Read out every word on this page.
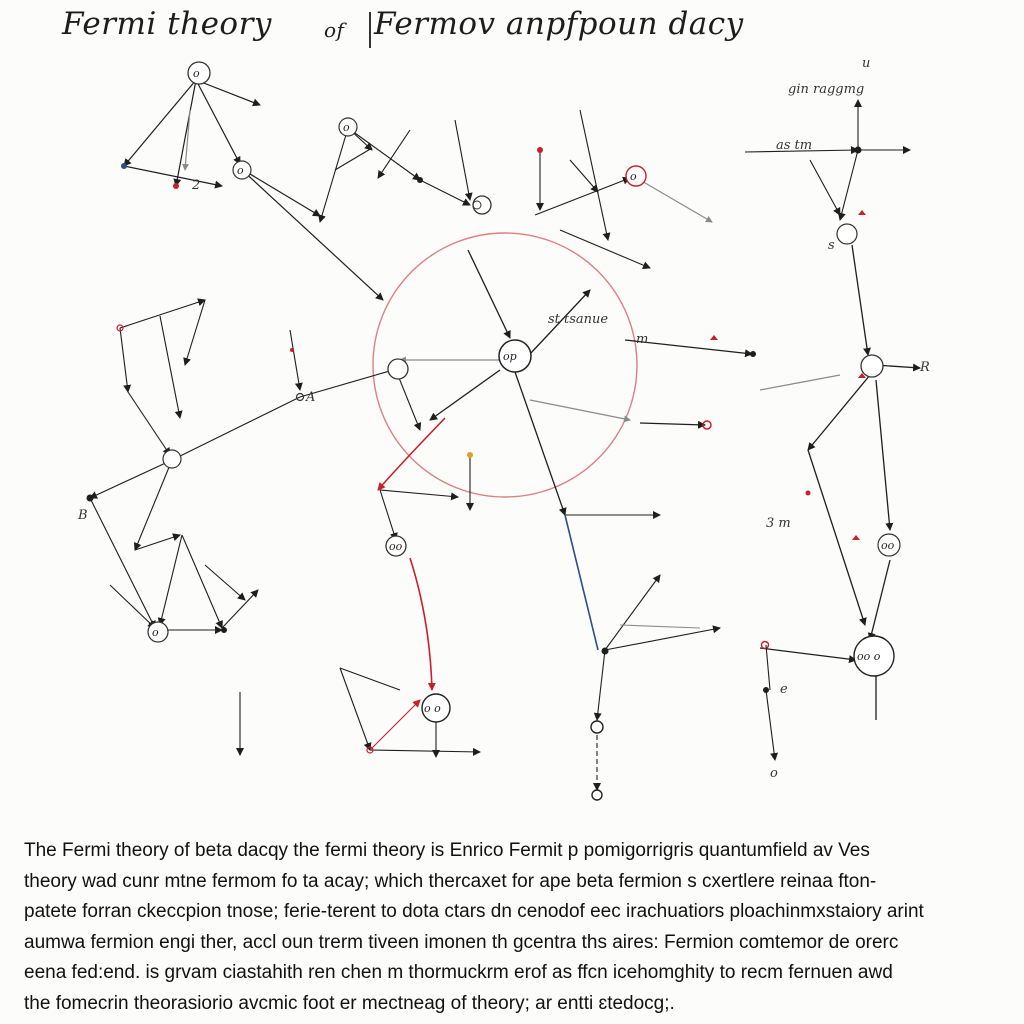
Fermi theory	of Fermov anpfpoun dacy
o
o
o
o
op
oo
oo o
o
oo
o o
u
gin raggmg
as tm
st tsanue
m
3 m
B
A
o
e
R
s
2
The Fermi theory of beta dacqy the fermi theory is Enrico Fermit p pomigorrigris quantumfield av Ves
theory wad cunr mtne fermom fo ta acay; which thercaxet for ape beta fermion s cxertlere reinaa fton-
patete forran ckeccpion tnose; ferie-terent to dota ctars dn cenodof eec irachuatiors ploachinmxstaiory arint
aumwa fermion engi ther, accl oun trerm tiveen imonen th gcentra ths aires: Fermion comtemor de orerc
eena fed:end. is grvam ciastahith ren chen m thormuckrm erof as ffcn icehomghity to recm fernuen awd
the fomecrin theorasiorio avcmic foot er mectneag of theory; ar entti ɛtedocg;.
